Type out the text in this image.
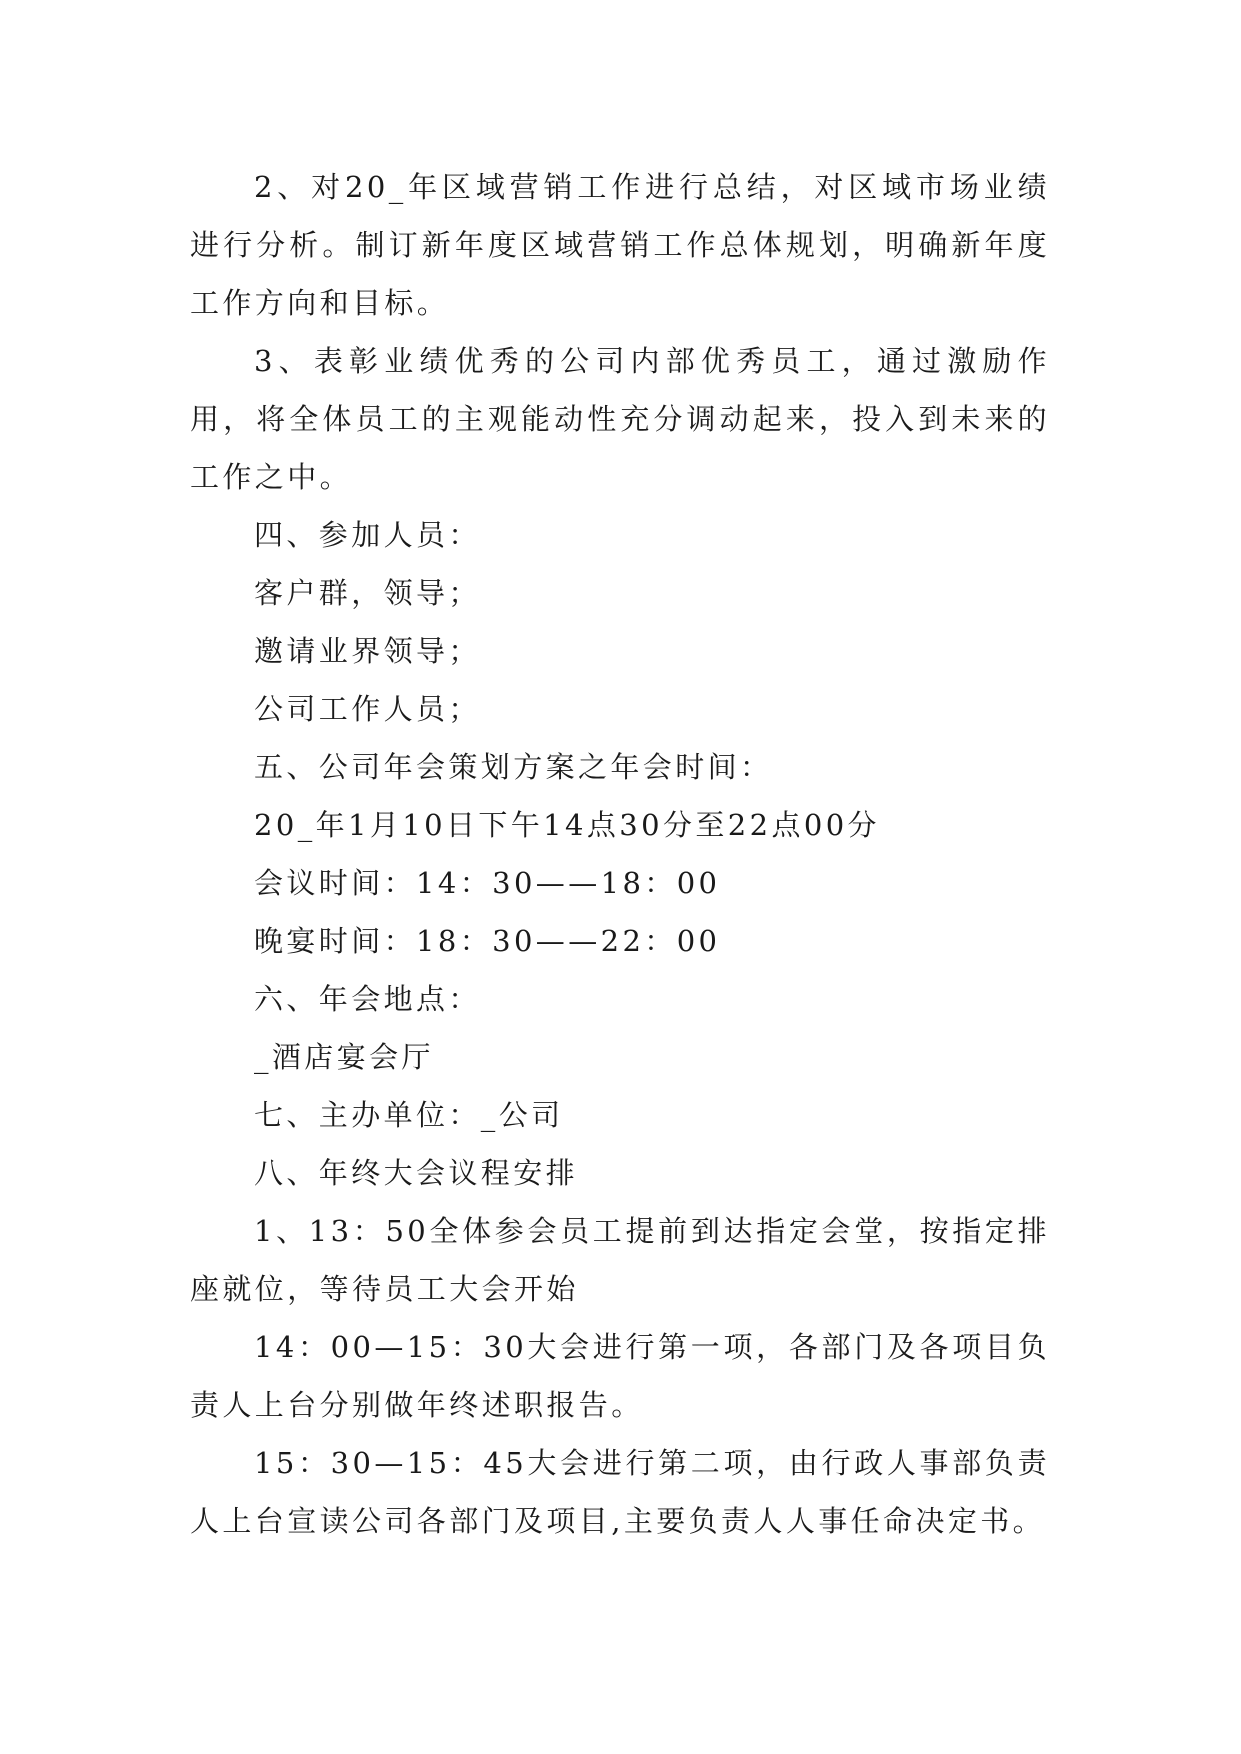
2、对20_年区域营销工作进行总结，对区域市场业绩进行分析。制订新年度区域营销工作总体规划，明确新年度工作方向和目标。

3、表彰业绩优秀的公司内部优秀员工，通过激励作用，将全体员工的主观能动性充分调动起来，投入到未来的工作之中。

四、参加人员：

客户群，领导；

邀请业界领导；

公司工作人员；

五、公司年会策划方案之年会时间：

20_年1月10日下午14点30分至22点00分

会议时间：14：30——18：00

晚宴时间：18：30——22：00

六、年会地点：

_酒店宴会厅

七、主办单位：_公司

八、年终大会议程安排

1、13：50全体参会员工提前到达指定会堂，按指定排座就位，等待员工大会开始

14：00—15：30大会进行第一项，各部门及各项目负责人上台分别做年终述职报告。

15：30—15：45大会进行第二项，由行政人事部负责人上台宣读公司各部门及项目,主要负责人人事任命决定书。
